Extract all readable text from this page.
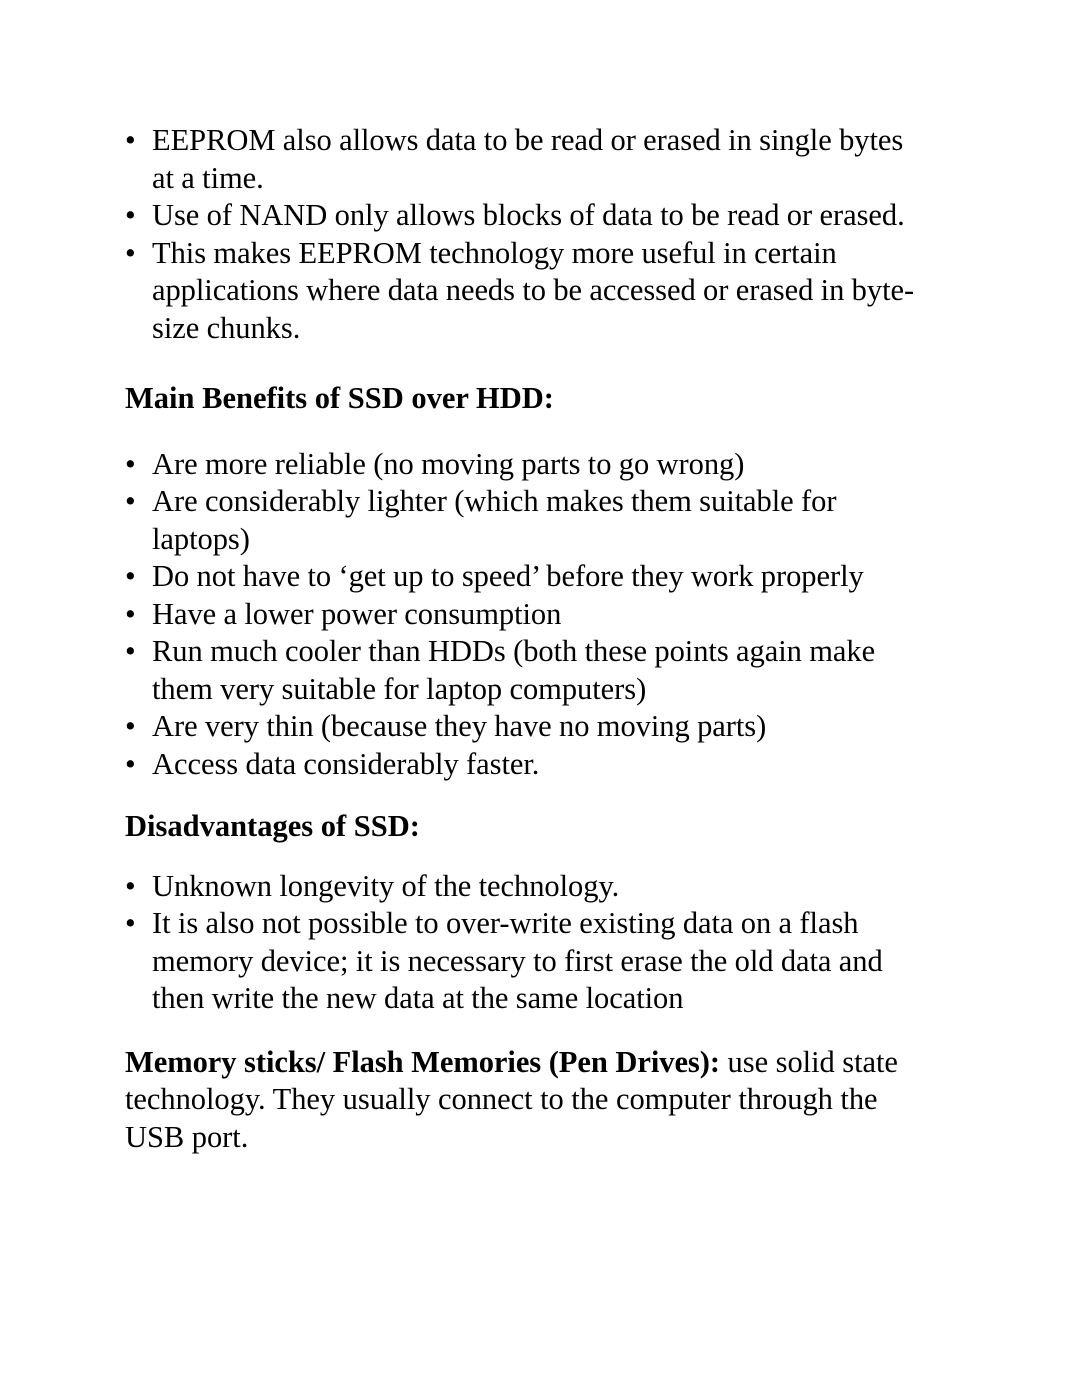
• EEPROM also allows data to be read or erased in single bytes at a time.
• Use of NAND only allows blocks of data to be read or erased.
• This makes EEPROM technology more useful in certain applications where data needs to be accessed or erased in byte-size chunks.
Main Benefits of SSD over HDD:
• Are more reliable (no moving parts to go wrong)
• Are considerably lighter (which makes them suitable for laptops)
• Do not have to ‘get up to speed’ before they work properly
• Have a lower power consumption
• Run much cooler than HDDs (both these points again make them very suitable for laptop computers)
• Are very thin (because they have no moving parts)
• Access data considerably faster.
Disadvantages of SSD:
• Unknown longevity of the technology.
• It is also not possible to over-write existing data on a flash memory device; it is necessary to first erase the old data and then write the new data at the same location

Memory sticks/ Flash Memories (Pen Drives): use solid state technology. They usually connect to the computer through the USB port.
